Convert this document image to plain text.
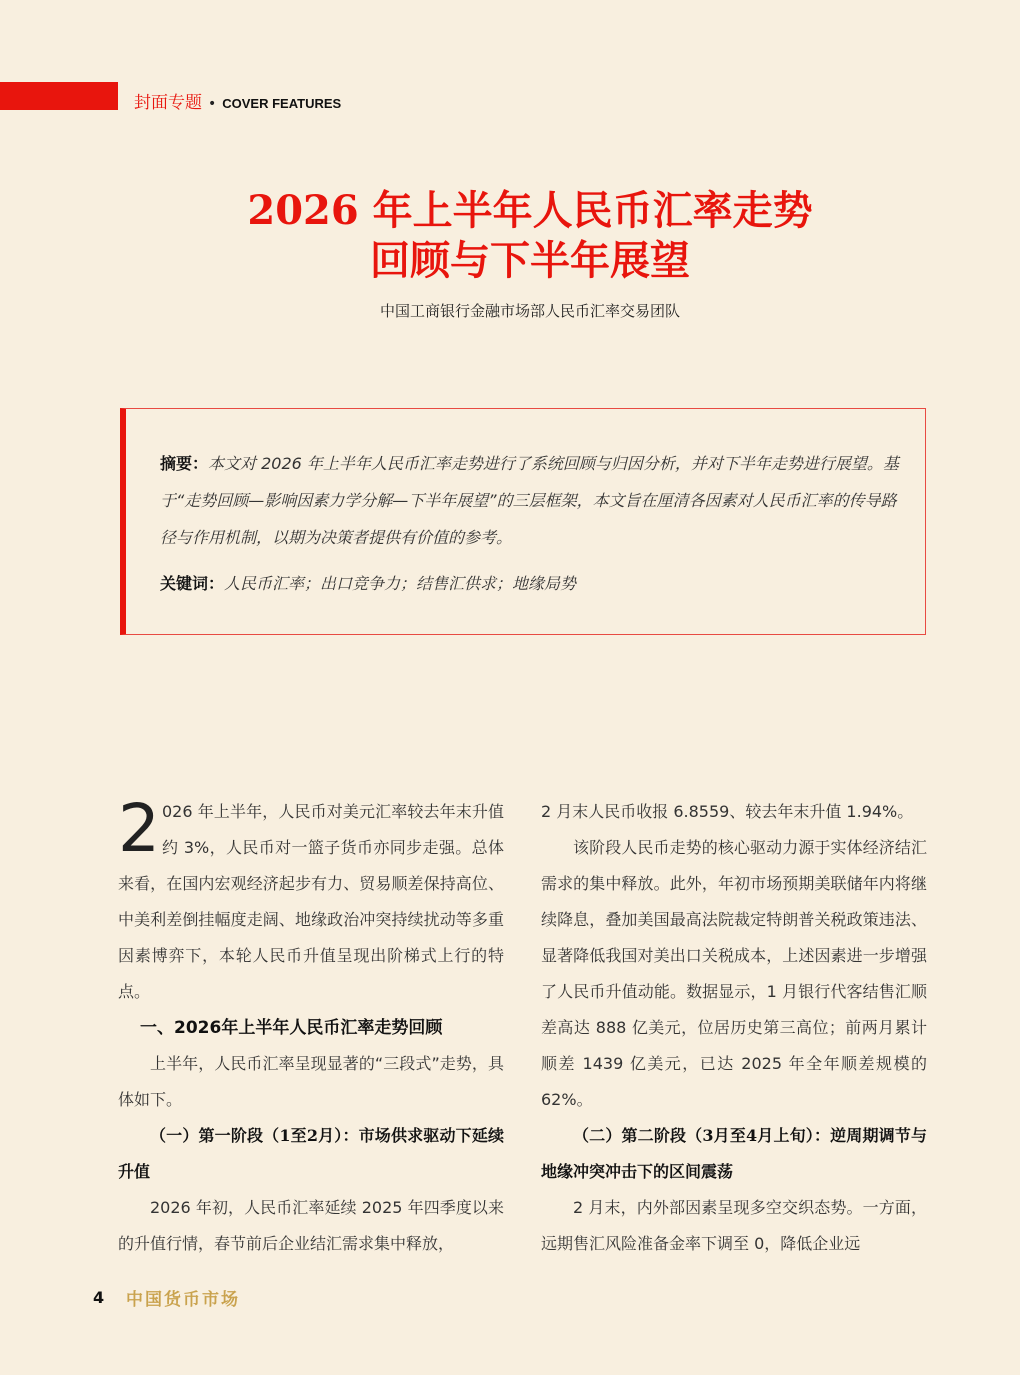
封面专题 • COVER FEATURES
2026 年上半年人民币汇率走势
回顾与下半年展望
中国工商银行金融市场部人民币汇率交易团队
摘要：本文对 2026 年上半年人民币汇率走势进行了系统回顾与归因分析，并对下半年走势进行展望。基于“走势回顾—影响因素力学分解—下半年展望”的三层框架，本文旨在厘清各因素对人民币汇率的传导路径与作用机制，以期为决策者提供有价值的参考。
关键词：人民币汇率；出口竞争力；结售汇供求；地缘局势

2 026 年上半年，人民币对美元汇率较去年末升值约 3%，人民币对一篮子货币亦同步走强。总体来看，在国内宏观经济起步有力、贸易顺差保持高位、中美利差倒挂幅度走阔、地缘政治冲突持续扰动等多重因素博弈下，本轮人民币升值呈现出阶梯式上行的特点。

一、2026年上半年人民币汇率走势回顾

上半年，人民币汇率呈现显著的“三段式”走势，具体如下。

（一）第一阶段（1至2月）：市场供求驱动下延续升值

2026 年初，人民币汇率延续 2025 年四季度以来的升值行情，春节前后企业结汇需求集中释放，

2 月末人民币收报 6.8559、较去年末升值 1.94%。

该阶段人民币走势的核心驱动力源于实体经济结汇需求的集中释放。此外，年初市场预期美联储年内将继续降息，叠加美国最高法院裁定特朗普关税政策违法、显著降低我国对美出口关税成本，上述因素进一步增强了人民币升值动能。数据显示，1 月银行代客结售汇顺差高达 888 亿美元，位居历史第三高位；前两月累计顺差 1439 亿美元，已达 2025 年全年顺差规模的 62%。

（二）第二阶段（3月至4月上旬）：逆周期调节与地缘冲突冲击下的区间震荡

2 月末，内外部因素呈现多空交织态势。一方面，远期售汇风险准备金率下调至 0，降低企业远

4 中国货币市场
